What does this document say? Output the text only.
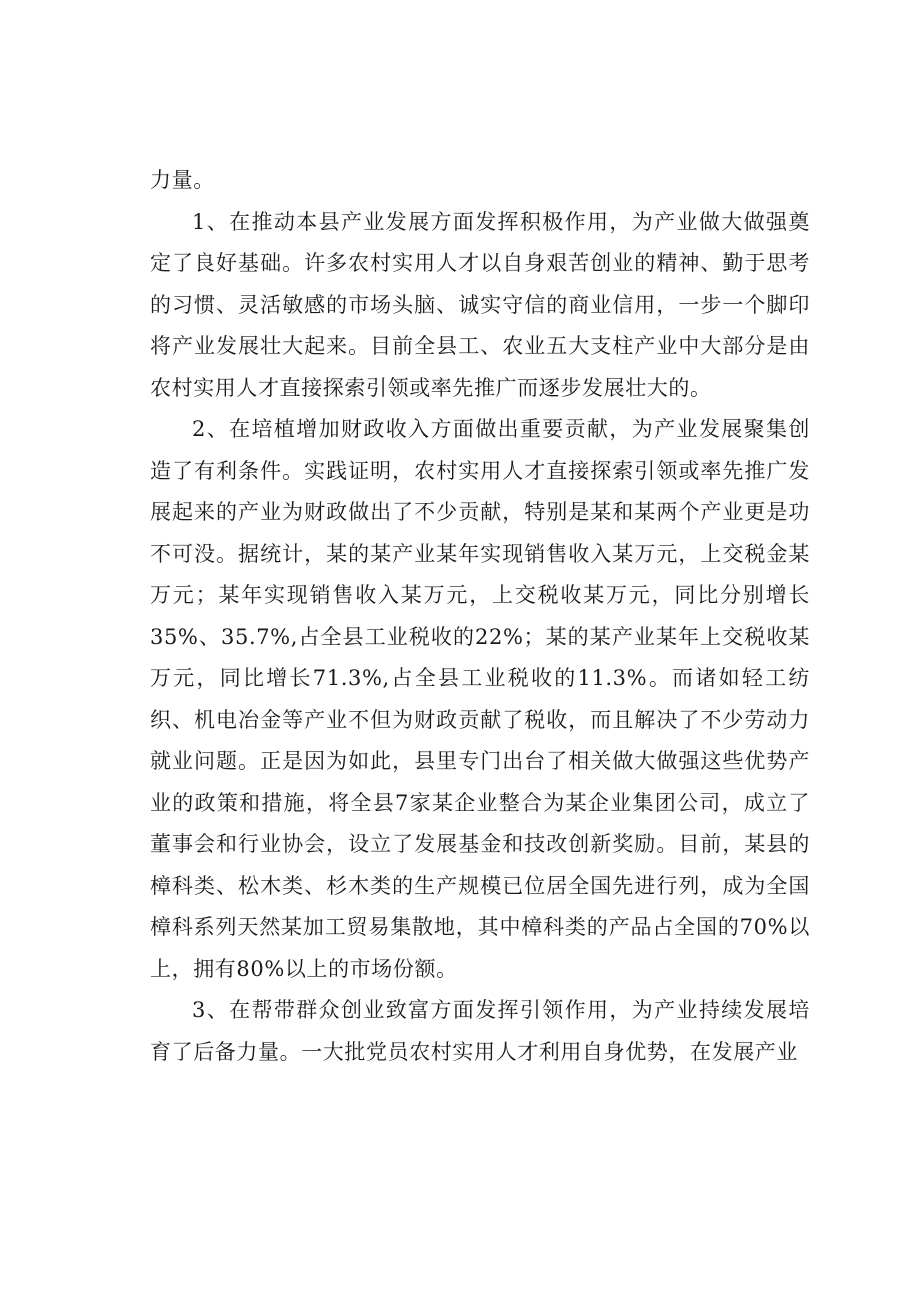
力量。

1、在推动本县产业发展方面发挥积极作用，为产业做大做强奠定了良好基础。许多农村实用人才以自身艰苦创业的精神、勤于思考的习惯、灵活敏感的市场头脑、诚实守信的商业信用，一步一个脚印将产业发展壮大起来。目前全县工、农业五大支柱产业中大部分是由农村实用人才直接探索引领或率先推广而逐步发展壮大的。

2、在培植增加财政收入方面做出重要贡献，为产业发展聚集创造了有利条件。实践证明，农村实用人才直接探索引领或率先推广发展起来的产业为财政做出了不少贡献，特别是某和某两个产业更是功不可没。据统计，某的某产业某年实现销售收入某万元，上交税金某万元；某年实现销售收入某万元，上交税收某万元，同比分别增长35%、35.7%,占全县工业税收的22%；某的某产业某年上交税收某万元，同比增长71.3%,占全县工业税收的11.3%。而诸如轻工纺织、机电冶金等产业不但为财政贡献了税收，而且解决了不少劳动力就业问题。正是因为如此，县里专门出台了相关做大做强这些优势产业的政策和措施，将全县7家某企业整合为某企业集团公司，成立了董事会和行业协会，设立了发展基金和技改创新奖励。目前，某县的樟科类、松木类、杉木类的生产规模已位居全国先进行列，成为全国樟科系列天然某加工贸易集散地，其中樟科类的产品占全国的70%以上，拥有80%以上的市场份额。

3、在帮带群众创业致富方面发挥引领作用，为产业持续发展培育了后备力量。一大批党员农村实用人才利用自身优势，在发展产业
